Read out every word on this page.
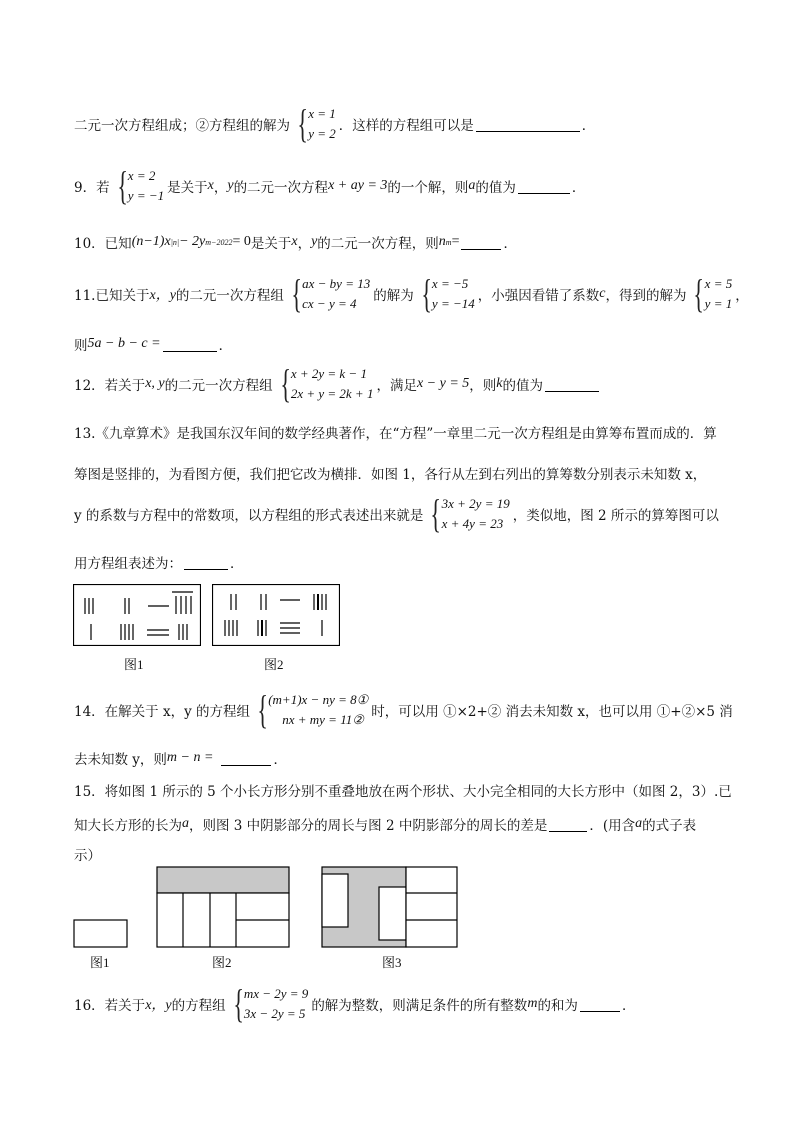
二元一次方程组成；②方程组的解为 { x = 1
y = 2 ．这样的方程组可以是	．
9．若 { x = 2
y = −1 是关于 x ， y 的二元一次方程 x + ay = 3 的一个解，则 a 的值为	．
10．已知 (n−1)x |n| − 2y m−2022 = 0 是关于 x ， y 的二元一次方程，则 n m =	．
11.已知关于 x，y 的二元一次方程组 { ax − by = 13
cx − y = 4	的解为 { x = −5
y = −14 ，小强因看错了系数 c ，得到的解为 { x = 5
y = 1 ，
则 5a − b − c =	．
12．若关于 x, y 的二元一次方程组 { x + 2y = k − 1
2x + y = 2k + 1 ，满足 x − y = 5 ，则 k 的值为
13.《九章算术》是我国东汉年间的数学经典著作，在“方程”一章里二元一次方程组是由算筹布置而成的．算
筹图是竖排的，为看图方便，我们把它改为横排．如图 1，各行从左到右列出的算筹数分别表示未知数 x，
y 的系数与方程中的常数项，以方程组的形式表述出来就是 { 3x + 2y = 19
x + 4y = 23 ，类似地，图 2 所示的算筹图可以
用方程组表述为：	．
图1	图2
14．在解关于 x，y 的方程组 { (m+1)x − ny = 8①
nx + my = 11② 时，可以用 ①×2+② 消去未知数 x，也可以用 ①+②×5 消
去未知数 y，则 m − n =	．
15．将如图 1 所示的 5 个小长方形分别不重叠地放在两个形状、大小完全相同的大长方形中（如图 2，3）.已
知大长方形的长为 a ，则图 3 中阴影部分的周长与图 2 中阴影部分的周长的差是	．(用含 a 的式子表
示）
图1	图2	图3
16．若关于 x，y 的方程组 { mx − 2y = 9
3x − 2y = 5 的解为整数，则满足条件的所有整数 m 的和为	．
